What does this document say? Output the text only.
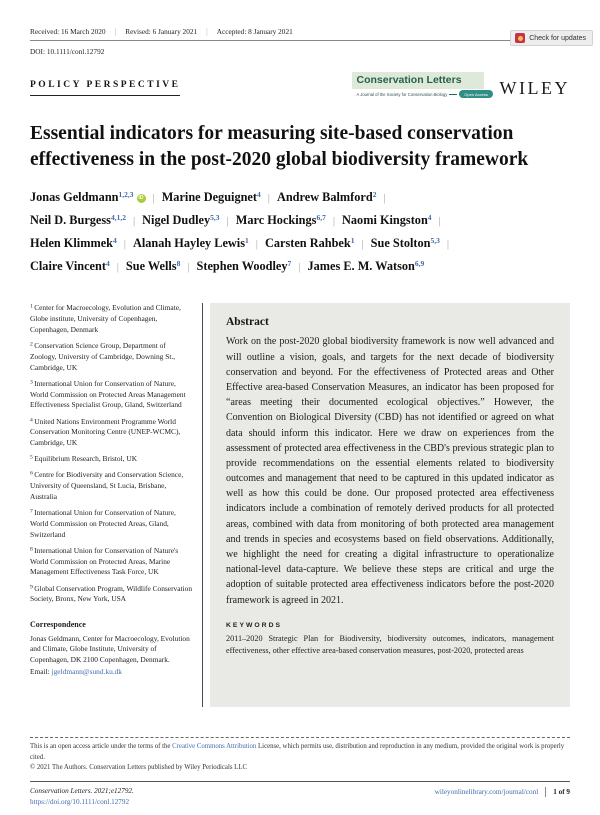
Check for updates
Received: 16 March 2020 | Revised: 6 January 2021 | Accepted: 8 January 2021
DOI: 10.1111/conl.12792
POLICY PERSPECTIVE	Conservation Letters
A Journal of the Society for Conservation Biology	Open Access WILEY
Essential indicators for measuring site-based conservation effectiveness in the post-2020 global biodiversity framework
Jonas Geldmann$^{1,2,3}$ iD | Marine Deguignet$^4$ | Andrew Balmford$^2$ |
Neil D. Burgess$^{4,1,2}$ | Nigel Dudley$^{5,3}$ | Marc Hockings$^{6,7}$ | Naomi Kingston$^4$ |
Helen Klimmek$^4$ | Alanah Hayley Lewis$^1$ | Carsten Rahbek$^1$ | Sue Stolton$^{5,3}$ |
Claire Vincent$^4$ | Sue Wells$^8$ | Stephen Woodley$^7$ | James E. M. Watson$^{6,9}$
$^1$ Center for Macroecology, Evolution and Climate, Globe institute, University of Copenhagen, Copenhagen, Denmark
$^2$ Conservation Science Group, Department of Zoology, University of Cambridge, Downing St., Cambridge, UK
$^3$ International Union for Conservation of Nature, World Commission on Protected Areas Management Effectiveness Specialist Group, Gland, Switzerland
$^4$ United Nations Environment Programme World Conservation Monitoring Centre (UNEP-WCMC), Cambridge, UK
$^5$ Equilibrium Research, Bristol, UK
$^6$ Centre for Biodiversity and Conservation Science, University of Queensland, St Lucia, Brisbane, Australia
$^7$ International Union for Conservation of Nature, World Commission on Protected Areas, Gland, Switzerland
$^8$ International Union for Conservation of Nature's World Commission on Protected Areas, Marine Management Effectiveness Task Force, UK
$^9$ Global Conservation Program, Wildlife Conservation Society, Bronx, New York, USA
Correspondence
Jonas Geldmann, Center for Macroecology, Evolution and Climate, Globe Institute, University of Copenhagen, DK 2100 Copenhagen, Denmark.
Email: jgeldmann@sund.ku.dk
Abstract
Work on the post-2020 global biodiversity framework is now well advanced and will outline a vision, goals, and targets for the next decade of biodiversity conservation and beyond. For the effectiveness of Protected areas and Other Effective area-based Conservation Measures, an indicator has been proposed for “areas meeting their documented ecological objectives.” However, the Convention on Biological Diversity (CBD) has not identified or agreed on what data should inform this indicator. Here we draw on experiences from the assessment of protected area effectiveness in the CBD's previous strategic plan to provide recommendations on the essential elements related to biodiversity outcomes and management that need to be captured in this updated indicator as well as how this could be done. Our proposed protected area effectiveness indicators include a combination of remotely derived products for all protected areas, combined with data from monitoring of both protected area management and trends in species and ecosystems based on field observations. Additionally, we highlight the need for creating a digital infrastructure to operationalize national-level data-capture. We believe these steps are critical and urge the adoption of suitable protected area effectiveness indicators before the post-2020 framework is agreed in 2021.
KEYWORDS
2011–2020 Strategic Plan for Biodiversity, biodiversity outcomes, indicators, management effectiveness, other effective area-based conservation measures, post-2020, protected areas
This is an open access article under the terms of the Creative Commons Attribution License, which permits use, distribution and reproduction in any medium, provided the original work is properly cited.
© 2021 The Authors. Conservation Letters published by Wiley Periodicals LLC
Conservation Letters. 2021;e12792.
https://doi.org/10.1111/conl.12792
wileyonlinelibrary.com/journal/conl 1 of 9
